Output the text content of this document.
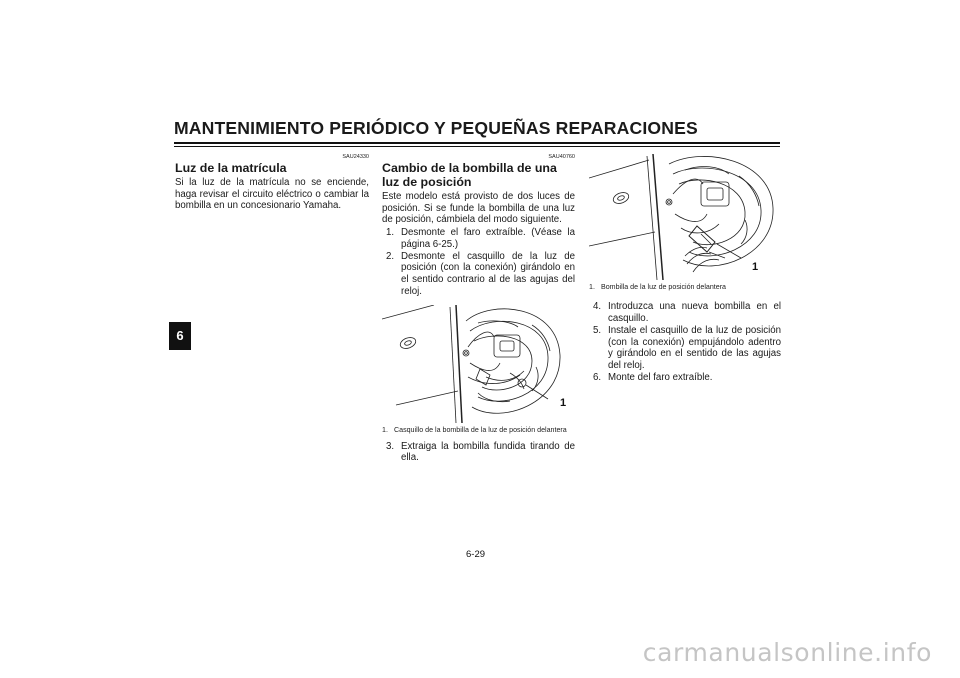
MANTENIMIENTO PERIÓDICO Y PEQUEÑAS REPARACIONES
6
SAU24330
Luz de la matrícula
Si la luz de la matrícula no se enciende, haga revisar el circuito eléctrico o cambiar la bombilla en un concesionario Yamaha.
SAU40760
Cambio de la bombilla de una luz de posición
Este modelo está provisto de dos luces de posición. Si se funde la bombilla de una luz de posición, cámbiela del modo siguiente.
1. Desmonte el faro extraíble. (Véase la página 6-25.)
2. Desmonte el casquillo de la luz de posición (con la conexión) girándolo en el sentido contrario al de las agujas del reloj.
1
1. Casquillo de la bombilla de la luz de posición delantera
3. Extraiga la bombilla fundida tirando de ella.
1
1. Bombilla de la luz de posición delantera
4. Introduzca una nueva bombilla en el casquillo.
5. Instale el casquillo de la luz de posición (con la conexión) empujándolo adentro y girándolo en el sentido de las agujas del reloj.
6. Monte del faro extraíble.
6-29
carmanualsonline.info
